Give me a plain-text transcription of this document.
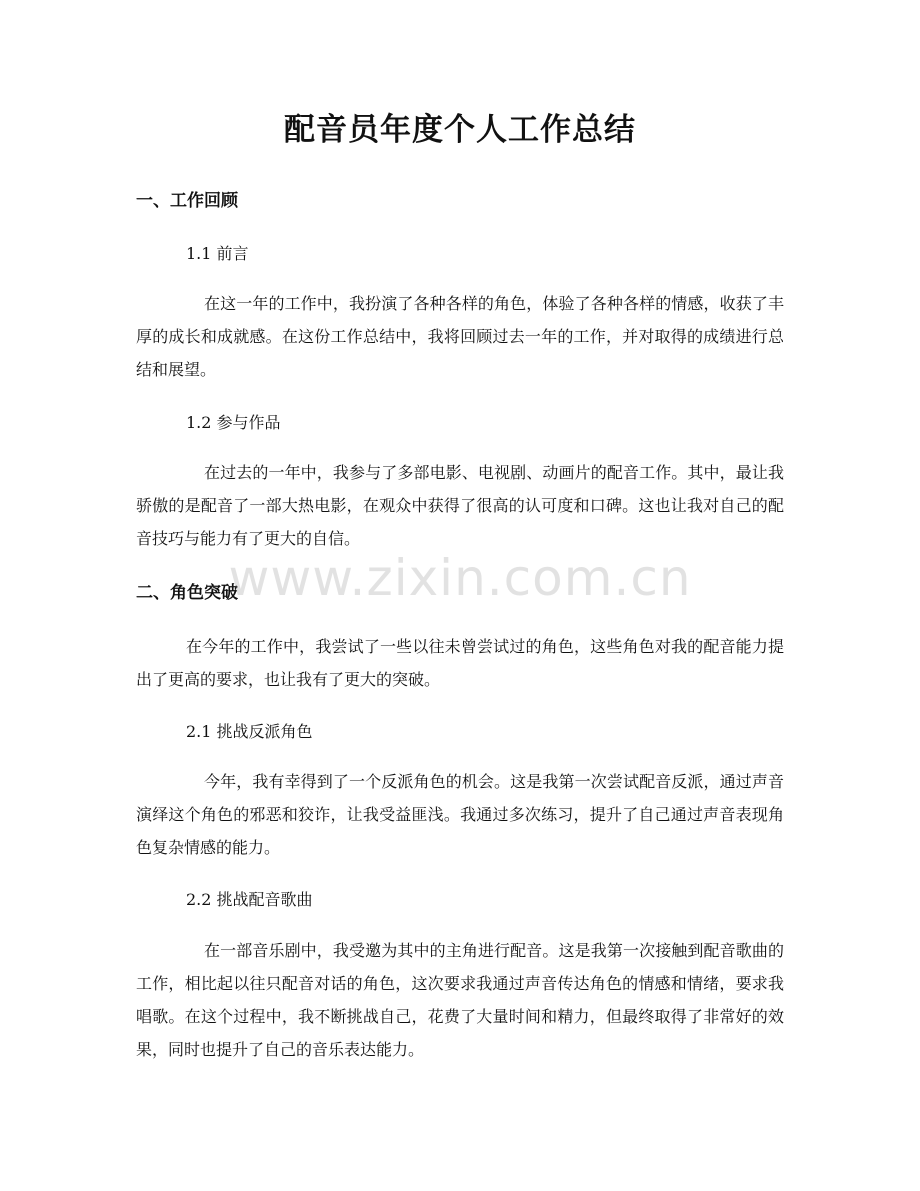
配音员年度个人工作总结
一、工作回顾
1.1 前言

在这一年的工作中，我扮演了各种各样的角色，体验了各种各样的情感，收获了丰厚的成长和成就感。在这份工作总结中，我将回顾过去一年的工作，并对取得的成绩进行总结和展望。

1.2 参与作品

在过去的一年中，我参与了多部电影、电视剧、动画片的配音工作。其中，最让我骄傲的是配音了一部大热电影，在观众中获得了很高的认可度和口碑。这也让我对自己的配音技巧与能力有了更大的自信。

二、角色突破

在今年的工作中，我尝试了一些以往未曾尝试过的角色，这些角色对我的配音能力提出了更高的要求，也让我有了更大的突破。

2.1 挑战反派角色

今年，我有幸得到了一个反派角色的机会。这是我第一次尝试配音反派，通过声音演绎这个角色的邪恶和狡诈，让我受益匪浅。我通过多次练习，提升了自己通过声音表现角色复杂情感的能力。

2.2 挑战配音歌曲

在一部音乐剧中，我受邀为其中的主角进行配音。这是我第一次接触到配音歌曲的工作，相比起以往只配音对话的角色，这次要求我通过声音传达角色的情感和情绪，要求我唱歌。在这个过程中，我不断挑战自己，花费了大量时间和精力，但最终取得了非常好的效果，同时也提升了自己的音乐表达能力。

www.zixin.com.cn
